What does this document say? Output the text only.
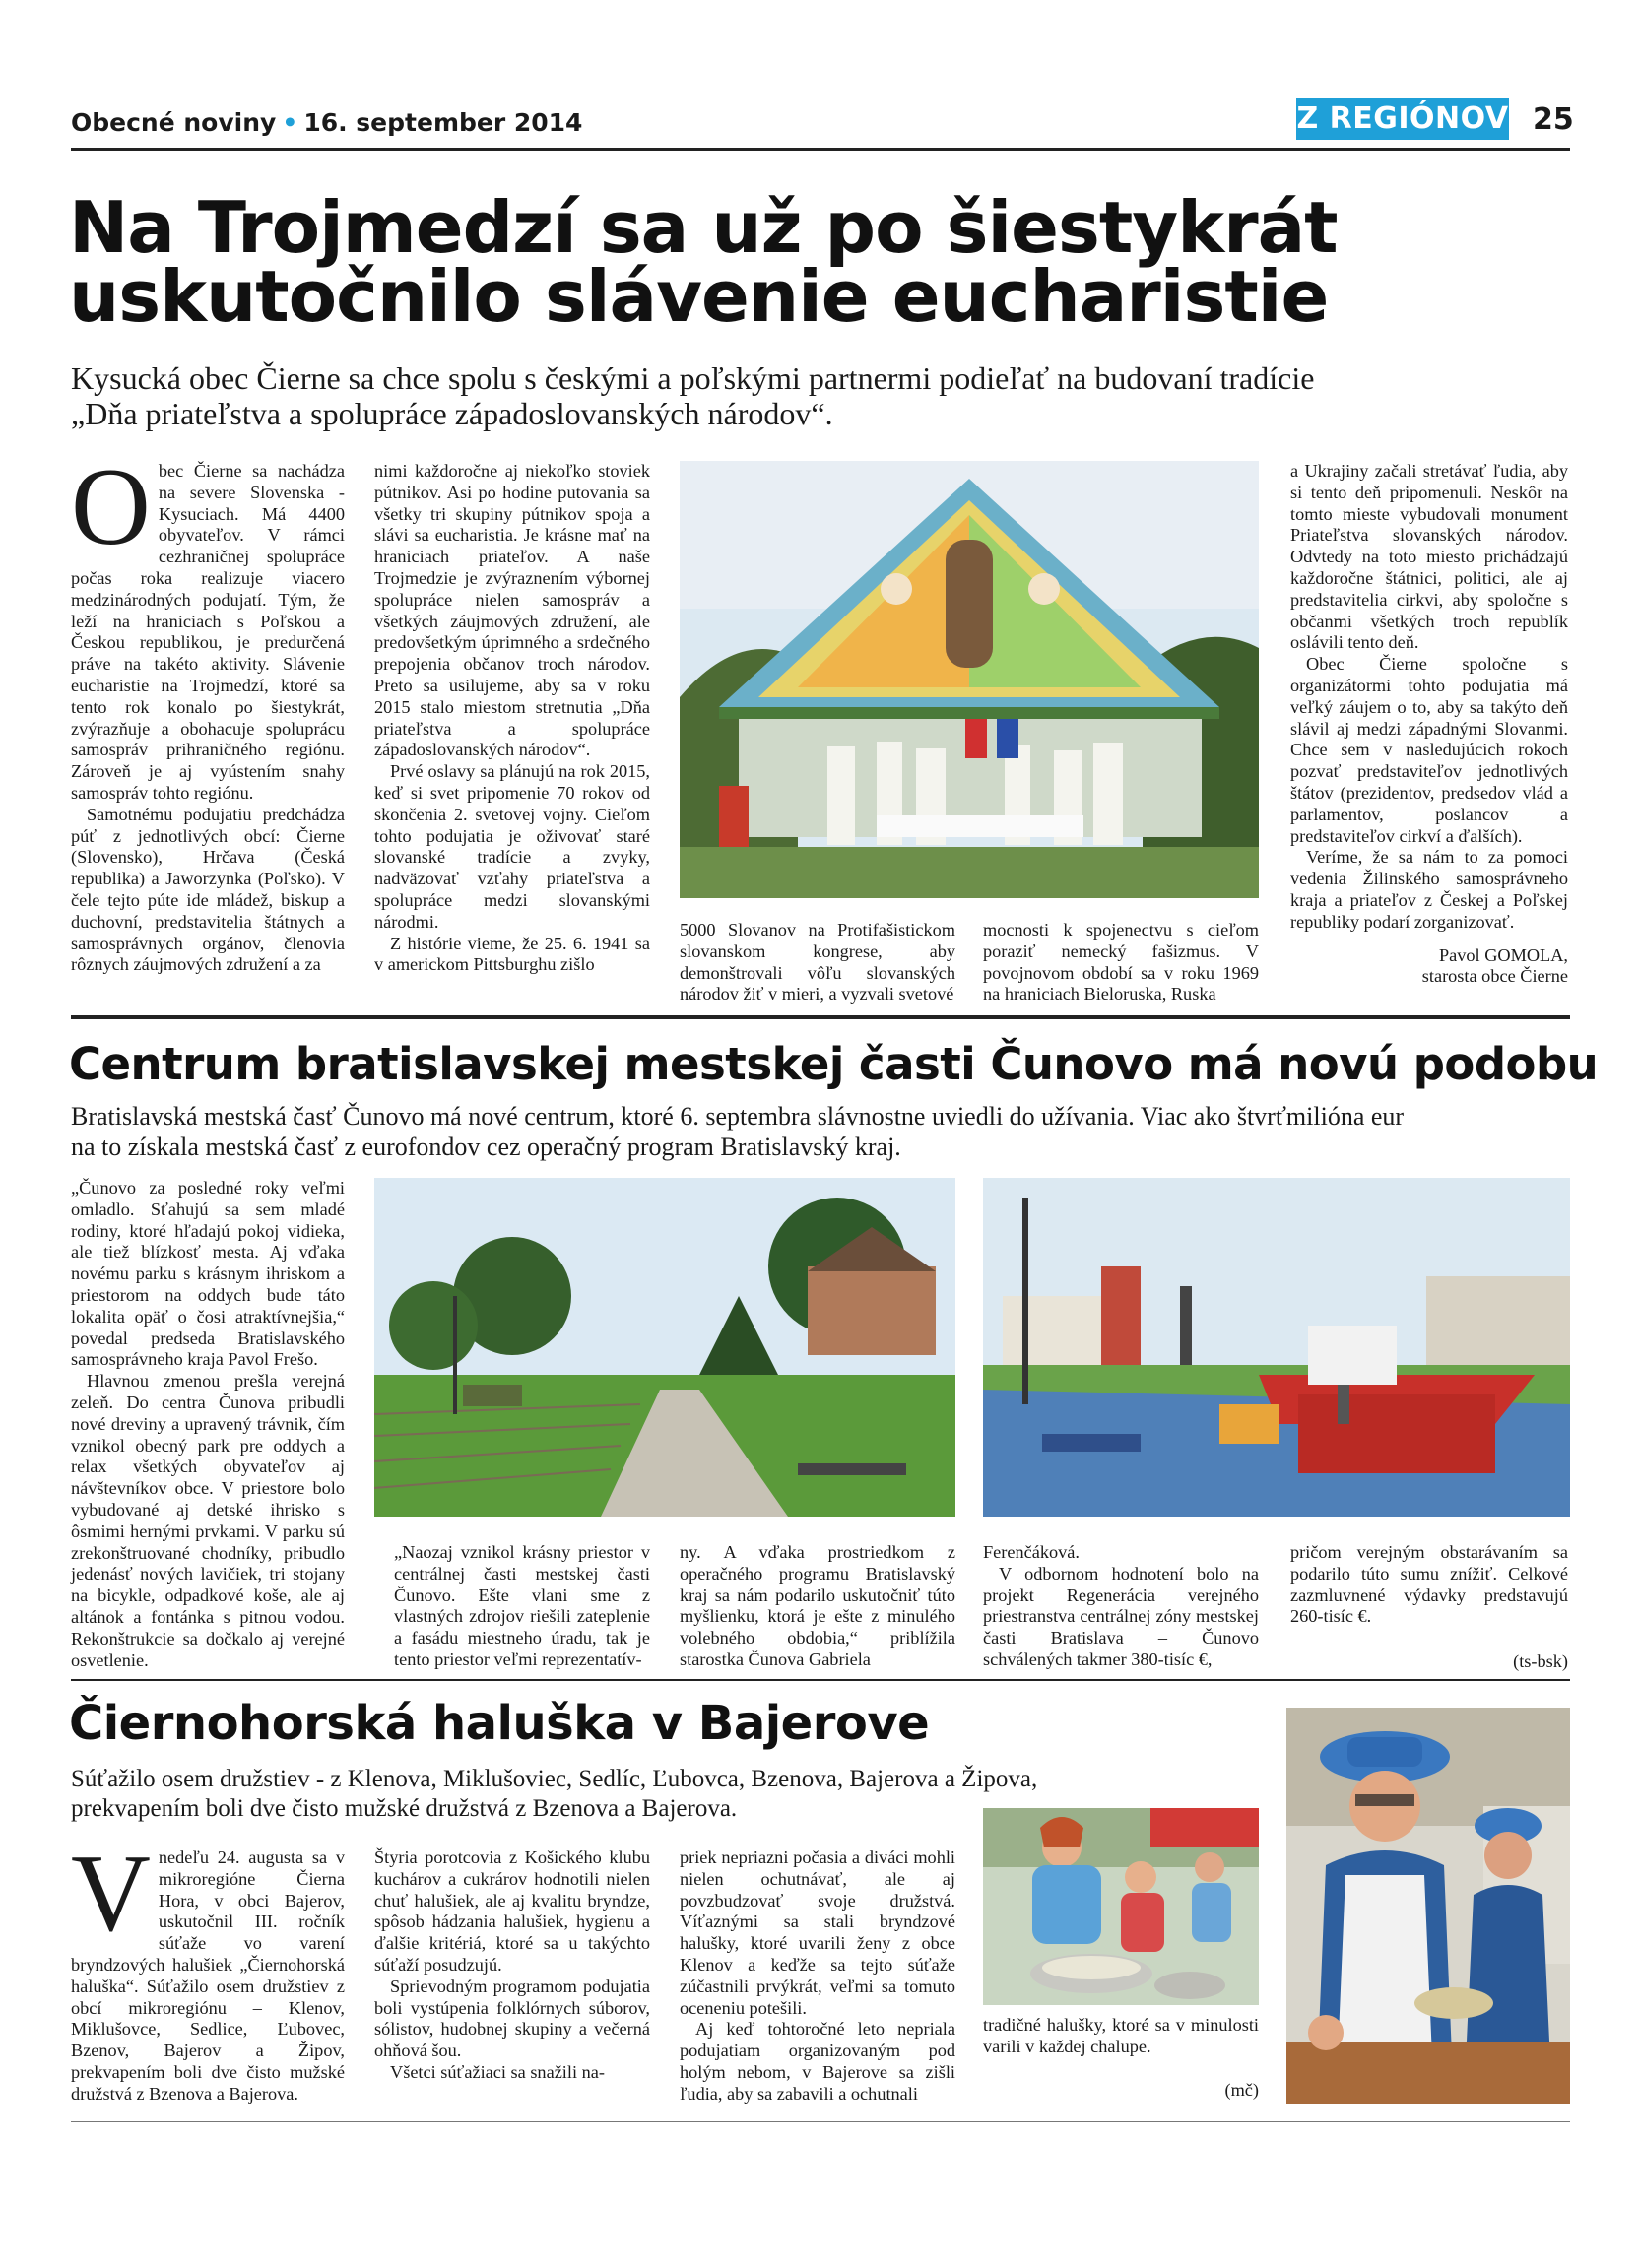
Obecné noviny • 16. september 2014	Z REGIÓNOV 25
Na Trojmedzí sa už po šiestykrát
uskutočnilo slávenie eucharistie
Kysucká obec Čierne sa chce spolu s českými a poľskými partnermi podieľať na budovaní tradície
„Dňa priateľstva a spolupráce západoslovanských národov“.
O bec Čierne sa nachádza na severe Slovenska - Kysuciach. Má 4400 obyvateľov. V rámci cezhraničnej spolupráce počas roka realizuje viacero medzinárodných podujatí. Tým, že leží na hraniciach s Poľskou a Českou republikou, je predurčená práve na takéto aktivity. Slávenie eucharistie na Trojmedzí, ktoré sa tento rok konalo po šiestykrát, zvýrazňuje a obohacuje spoluprácu samospráv prihraničného regiónu. Zároveň je aj vyústením snahy samospráv tohto regiónu.

Samotnému podujatiu predchádza púť z jednotlivých obcí: Čierne (Slovensko), Hrčava (Česká republika) a Jaworzynka (Poľsko). V čele tejto púte ide mládež, biskup a duchovní, predstavitelia štátnych a samosprávnych orgánov, členovia rôznych záujmových združení a za

nimi každoročne aj niekoľko stoviek pútnikov. Asi po hodine putovania sa všetky tri skupiny pútnikov spoja a slávi sa eucharistia. Je krásne mať na hraniciach priateľov. A naše Trojmedzie je zvýraznením výbornej spolupráce nielen samospráv a všetkých záujmových združení, ale predovšetkým úprimného a srdečného prepojenia občanov troch národov. Preto sa usilujeme, aby sa v roku 2015 stalo miestom stretnutia „Dňa priateľstva a spolupráce západoslovanských národov“.

Prvé oslavy sa plánujú na rok 2015, keď si svet pripomenie 70 rokov od skončenia 2. svetovej vojny. Cieľom tohto podujatia je oživovať staré slovanské tradície a zvyky, nadväzovať vzťahy priateľstva a spolupráce medzi slovanskými národmi.

Z histórie vieme, že 25. 6. 1941 sa v americkom Pittsburghu zišlo

5000 Slovanov na Protifašistickom slovanskom kongrese, aby demonštrovali vôľu slovanských národov žiť v mieri, a vyzvali svetové

mocnosti k spojenectvu s cieľom poraziť nemecký fašizmus. V povojnovom období sa v roku 1969 na hraniciach Bieloruska, Ruska

a Ukrajiny začali stretávať ľudia, aby si tento deň pripomenuli. Neskôr na tomto mieste vybudovali monument Priateľstva slovanských národov. Odvtedy na toto miesto prichádzajú každoročne štátnici, politici, ale aj predstavitelia cirkvi, aby spoločne s občanmi všetkých troch republík oslávili tento deň.

Obec Čierne spoločne s organizátormi tohto podujatia má veľký záujem o to, aby sa takýto deň slávil aj medzi západnými Slovanmi. Chce sem v nasledujúcich rokoch pozvať predstaviteľov jednotlivých štátov (prezidentov, predsedov vlád a parlamentov, poslancov a predstaviteľov cirkví a ďalších).

Veríme, že sa nám to za pomoci vedenia Žilinského samosprávneho kraja a priateľov z Českej a Poľskej republiky podarí zorganizovať.

Pavol GOMOLA,

starosta obce Čierne

Centrum bratislavskej mestskej časti Čunovo má novú podobu
Bratislavská mestská časť Čunovo má nové centrum, ktoré 6. septembra slávnostne uviedli do užívania. Viac ako štvrťmilióna eur
na to získala mestská časť z eurofondov cez operačný program Bratislavský kraj.

„Čunovo za posledné roky veľmi omladlo. Sťahujú sa sem mladé rodiny, ktoré hľadajú pokoj vidieka, ale tiež blízkosť mesta. Aj vďaka novému parku s krásnym ihriskom a priestorom na oddych bude táto lokalita opäť o čosi atraktívnejšia,“ povedal predseda Bratislavského samosprávneho kraja Pavol Frešo.

Hlavnou zmenou prešla verejná zeleň. Do centra Čunova pribudli nové dreviny a upravený trávnik, čím vznikol obecný park pre oddych a relax všetkých obyvateľov aj návštevníkov obce. V priestore bolo vybudované aj detské ihrisko s ôsmimi hernými prvkami. V parku sú zrekonštruované chodníky, pribudlo jedenásť nových lavičiek, tri stojany na bicykle, odpadkové koše, ale aj altánok a fontánka s pitnou vodou. Rekonštrukcie sa dočkalo aj verejné osvetlenie.

„Naozaj vznikol krásny priestor v centrálnej časti mestskej časti Čunovo. Ešte vlani sme z vlastných zdrojov riešili zateplenie a fasádu miestneho úradu, tak je tento priestor veľmi reprezentatív-

ny. A vďaka prostriedkom z operačného programu Bratislavský kraj sa nám podarilo uskutočniť túto myšlienku, ktorá je ešte z minulého volebného obdobia,“ priblížila starostka Čunova Gabriela

Ferenčáková.

V odbornom hodnotení bolo na projekt Regenerácia verejného priestranstva centrálnej zóny mestskej časti Bratislava – Čunovo schválených takmer 380-tisíc €,

pričom verejným obstarávaním sa podarilo túto sumu znížiť. Celkové zazmluvnené výdavky predstavujú 260-tisíc €.

(ts-bsk)

Čiernohorská haluška v Bajerove
Súťažilo osem družstiev - z Klenova, Miklušoviec, Sedlíc, Ľubovca, Bzenova, Bajerova a Žipova,
prekvapením boli dve čisto mužské družstvá z Bzenova a Bajerova.
V nedeľu 24. augusta sa v mikroregióne Čierna Hora, v obci Bajerov, uskutočnil III. ročník súťaže vo varení bryndzových halušiek „Čiernohorská haluška“. Súťažilo osem družstiev z obcí mikroregiónu – Klenov, Miklušovce, Sedlice, Ľubovec, Bzenov, Bajerov a Žipov, prekvapením boli dve čisto mužské družstvá z Bzenova a Bajerova.

Štyria porotcovia z Košického klubu kuchárov a cukrárov hodnotili nielen chuť halušiek, ale aj kvalitu bryndze, spôsob hádzania halušiek, hygienu a ďalšie kritériá, ktoré sa u takýchto súťaží posudzujú.

Sprievodným programom podujatia boli vystúpenia folklórnych súborov, sólistov, hudobnej skupiny a večerná ohňová šou.

Všetci súťažiaci sa snažili na-

priek nepriazni počasia a diváci mohli nielen ochutnávať, ale aj povzbudzovať svoje družstvá. Víťaznými sa stali bryndzové halušky, ktoré uvarili ženy z obce Klenov a keďže sa tejto súťaže zúčastnili prvýkrát, veľmi sa tomuto oceneniu potešili.

Aj keď tohtoročné leto nepriala podujatiam organizovaným pod holým nebom, v Bajerove sa zišli ľudia, aby sa zabavili a ochutnali

tradičné halušky, ktoré sa v minulosti varili v každej chalupe.

(mč)
